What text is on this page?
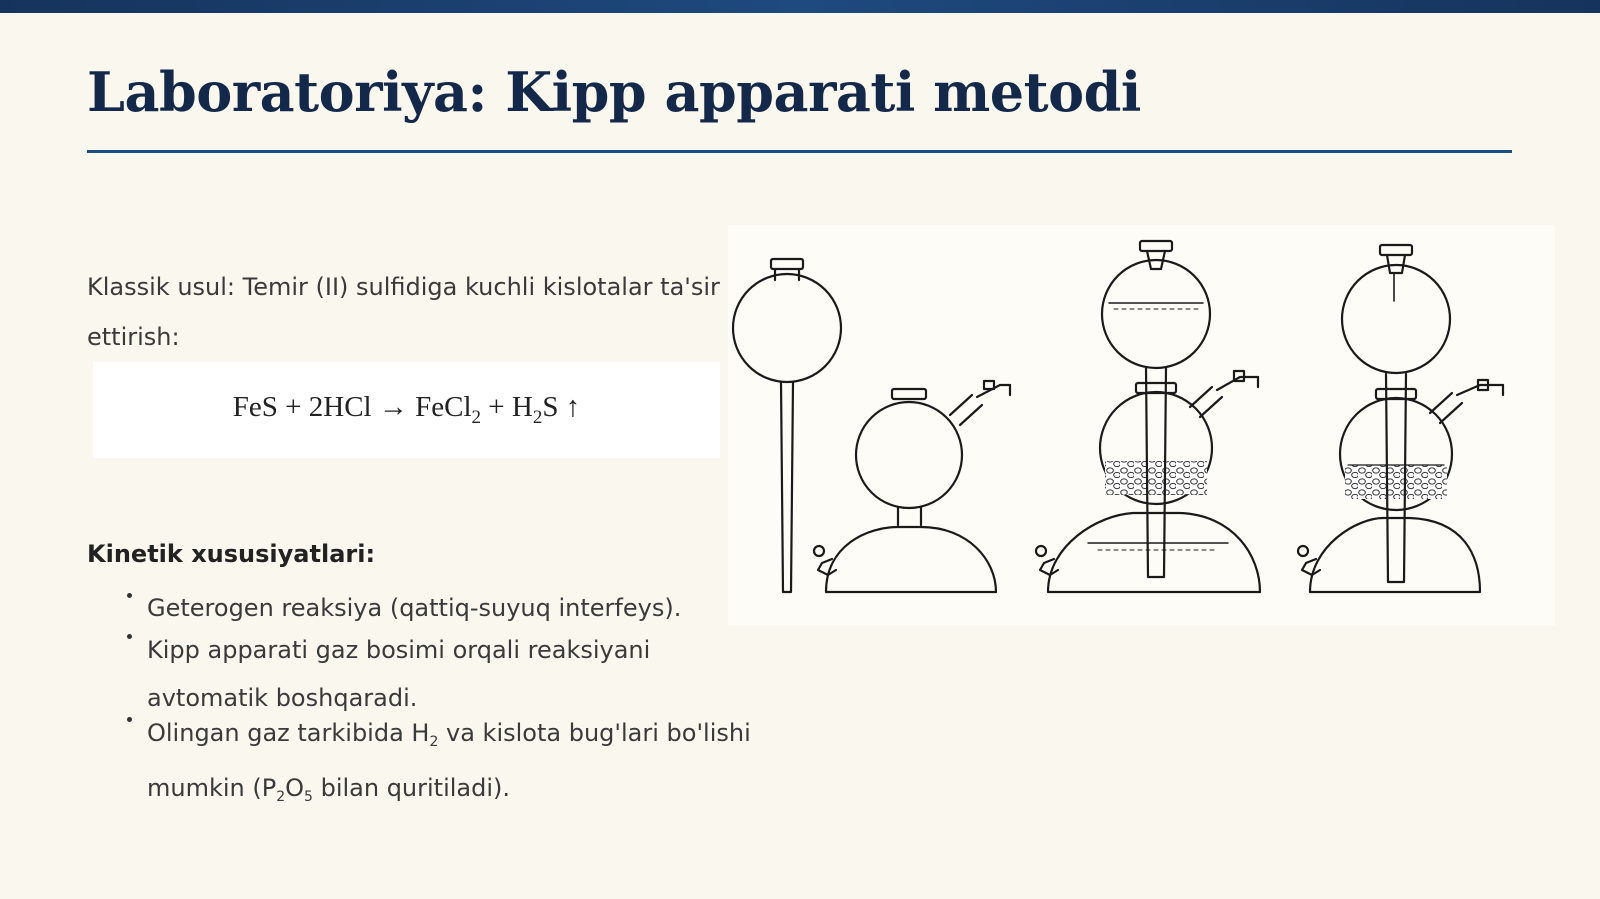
Laboratoriya: Kipp apparati metodi
Klassik usul: Temir (II) sulfidiga kuchli kislotalar ta'sir
ettirish:
FeS + 2HCl → FeCl$_2$ + $H_2S$ ↑
Kinetik xususiyatlari:
Geterogen reaksiya (qattiq-suyuq interfeys).
Kipp apparati gaz bosimi orqali reaksiyani
avtomatik boshqaradi.
Olingan gaz tarkibida $H_2$ va kislota bug'lari bo'lishi
mumkin ($P_2O_5$ bilan quritiladi).
